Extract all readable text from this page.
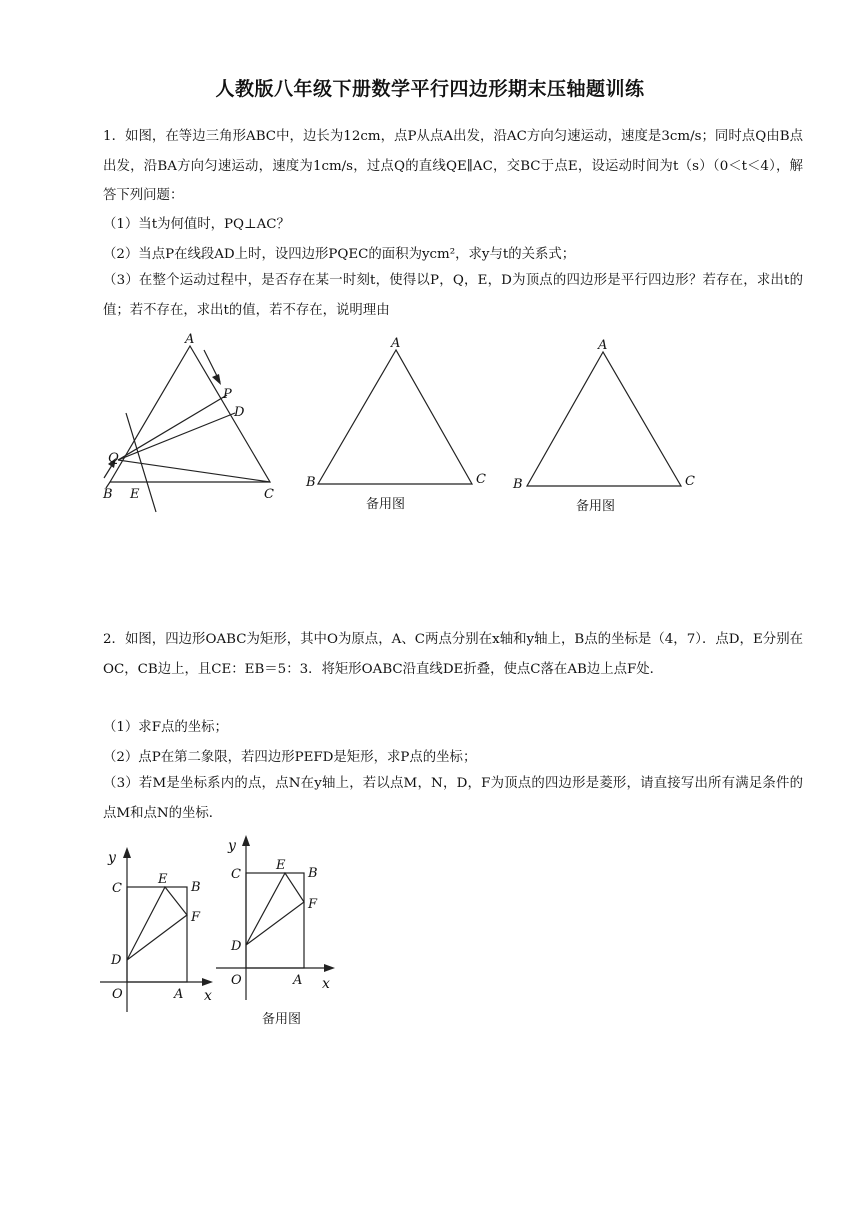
人教版八年级下册数学平行四边形期末压轴题训练
1．如图，在等边三角形ABC中，边长为12cm，点P从点A出发，沿AC方向匀速运动，速度是3cm/s；同时点Q由B点出发，沿BA方向匀速运动，速度为1cm/s，过点Q的直线QE∥AC，交BC于点E，设运动时间为t（s）（0＜t＜4），解答下列问题：
（1）当t为何值时，PQ⊥AC？
（2）当点P在线段AD上时，设四边形PQEC的面积为ycm²，求y与t的关系式；
（3）在整个运动过程中，是否存在某一时刻t，使得以P，Q，E，D为顶点的四边形是平行四边形？若存在，求出t的值；若不存在，求出t的值，若不存在，说明理由
A
B	C
P
D
Q
E
A
B	C
备用图
A
B	C
备用图
2．如图，四边形OABC为矩形，其中O为原点，A、C两点分别在x轴和y轴上，B点的坐标是（4，7）．点D，E分别在OC，CB边上，且CE：EB＝5：3．将矩形OABC沿直线DE折叠，使点C落在AB边上点F处．
（1）求F点的坐标；
（2）点P在第二象限，若四边形PEFD是矩形，求P点的坐标；
（3）若M是坐标系内的点，点N在y轴上，若以点M，N，D，F为顶点的四边形是菱形，请直接写出所有满足条件的点M和点N的坐标．
y
x
O	A
B
C
D
E
F
y
x
O	A
B
C
D
E
F
备用图
